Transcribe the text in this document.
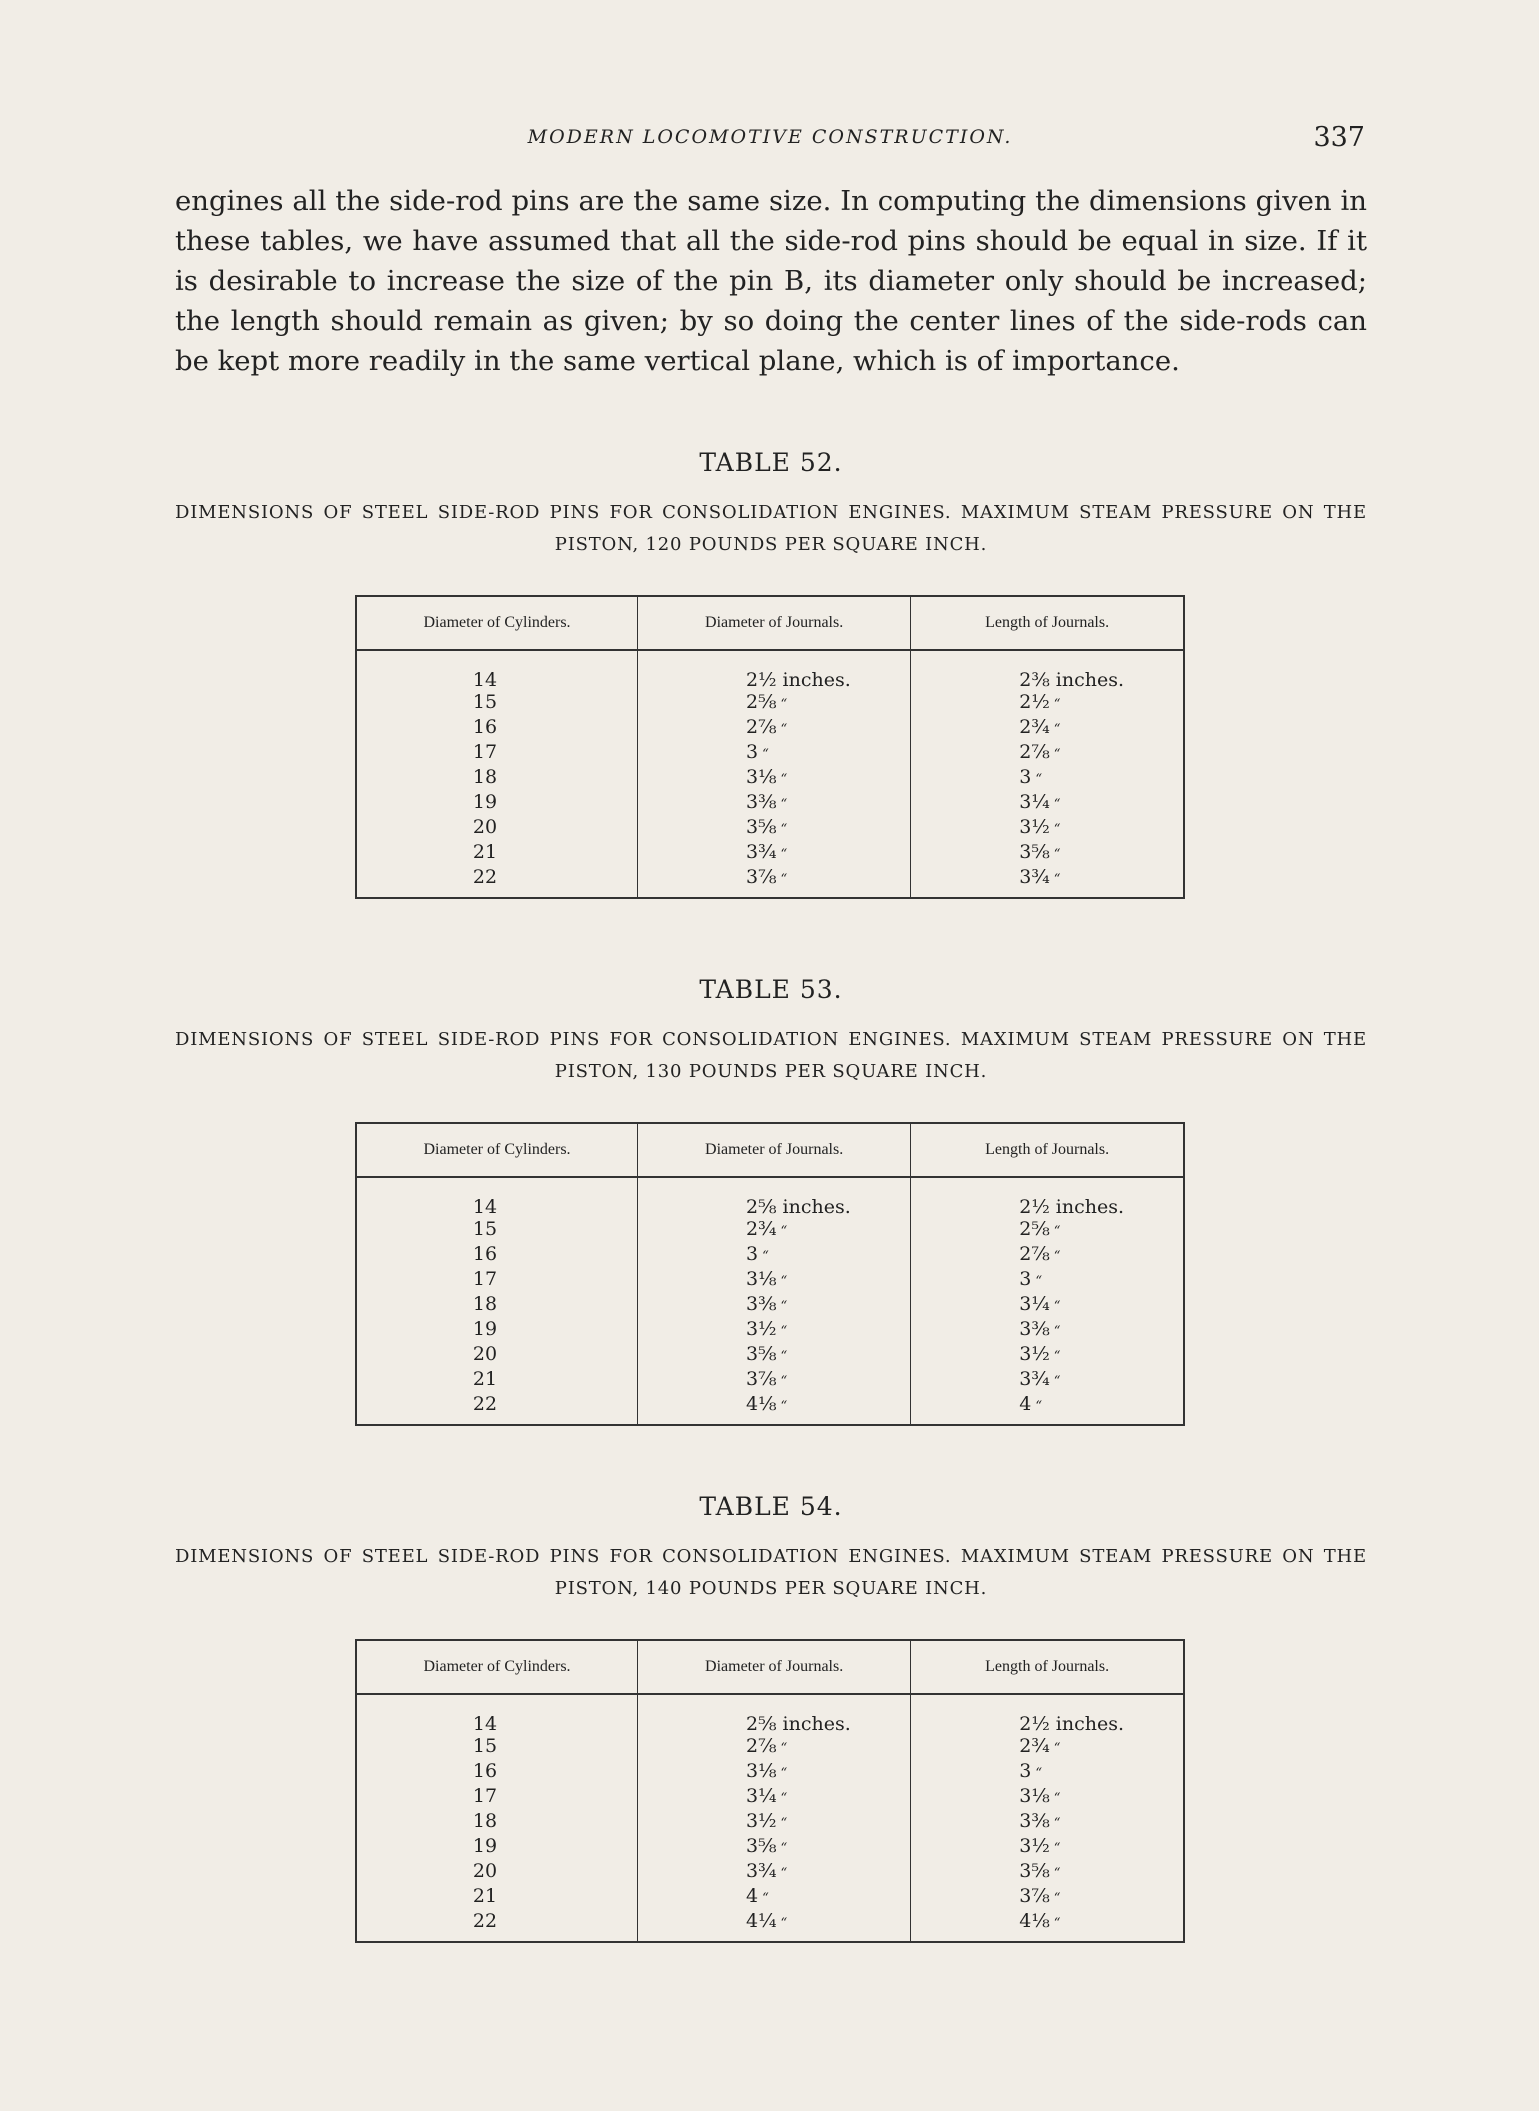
MODERN LOCOMOTIVE CONSTRUCTION.	337

engines all the side-rod pins are the same size. In computing the dimensions given in these tables, we have assumed that all the side-rod pins should be equal in size. If it is desirable to increase the size of the pin B, its diameter only should be increased; the length should remain as given; by so doing the center lines of the side-rods can be kept more readily in the same vertical plane, which is of importance.

TABLE 52.

DIMENSIONS OF STEEL SIDE-ROD PINS FOR CONSOLIDATION ENGINES. MAXIMUM STEAM PRESSURE ON THE PISTON, 120 POUNDS PER SQUARE INCH.

Diameter of Cylinders.	Diameter of Journals.	Length of Journals.
14	2½ inches.	2⅜ inches.
15	2⅝ “	2½ “
16	2⅞ “	2¾ “
17	3 “	2⅞ “
18	3⅛ “	3 “
19	3⅜ “	3¼ “
20	3⅝ “	3½ “
21	3¾ “	3⅝ “
22	3⅞ “	3¾ “

TABLE 53.

DIMENSIONS OF STEEL SIDE-ROD PINS FOR CONSOLIDATION ENGINES. MAXIMUM STEAM PRESSURE ON THE PISTON, 130 POUNDS PER SQUARE INCH.

Diameter of Cylinders.	Diameter of Journals.	Length of Journals.
14	2⅝ inches.	2½ inches.
15	2¾ “	2⅝ “
16	3 “	2⅞ “
17	3⅛ “	3 “
18	3⅜ “	3¼ “
19	3½ “	3⅜ “
20	3⅝ “	3½ “
21	3⅞ “	3¾ “
22	4⅛ “	4 “

TABLE 54.

DIMENSIONS OF STEEL SIDE-ROD PINS FOR CONSOLIDATION ENGINES. MAXIMUM STEAM PRESSURE ON THE PISTON, 140 POUNDS PER SQUARE INCH.

Diameter of Cylinders.	Diameter of Journals.	Length of Journals.
14	2⅝ inches.	2½ inches.
15	2⅞ “	2¾ “
16	3⅛ “	3 “
17	3¼ “	3⅛ “
18	3½ “	3⅜ “
19	3⅝ “	3½ “
20	3¾ “	3⅝ “
21	4 “	3⅞ “
22	4¼ “	4⅛ “
